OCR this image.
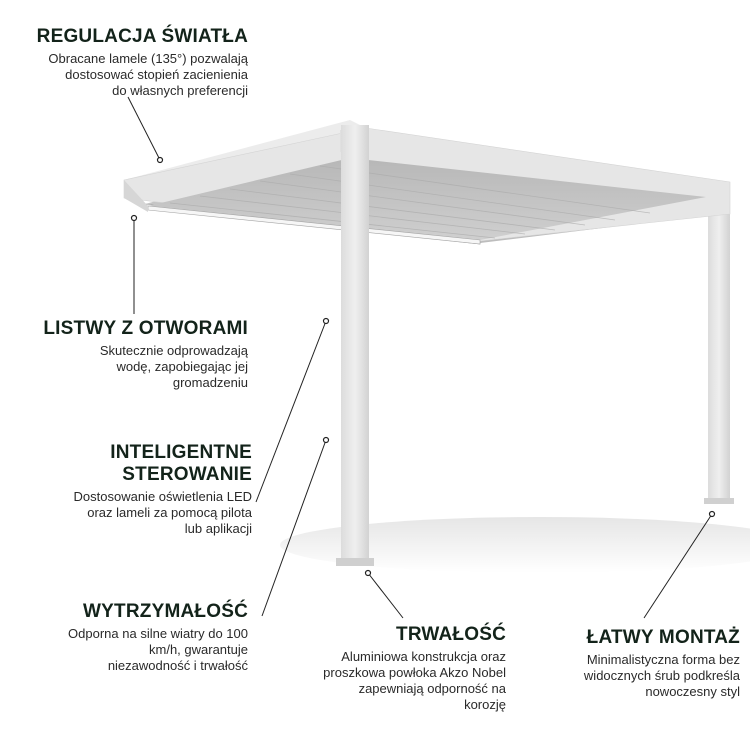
REGULACJA ŚWIATŁA
Obracane lamele (135°) pozwalają
dostosować stopień zacienienia
do własnych preferencji
LISTWY Z OTWORAMI
Skutecznie odprowadzają
wodę, zapobiegając jej
gromadzeniu
INTELIGENTNE
STEROWANIE
Dostosowanie oświetlenia LED
oraz lameli za pomocą pilota
lub aplikacji
WYTRZYMAŁOŚĆ
Odporna na silne wiatry do 100
km/h, gwarantuje
niezawodność i trwałość
TRWAŁOŚĆ
Aluminiowa konstrukcja oraz
proszkowa powłoka Akzo Nobel
zapewniają odporność na
korozję
ŁATWY MONTAŻ
Minimalistyczna forma bez
widocznych śrub podkreśla
nowoczesny styl
